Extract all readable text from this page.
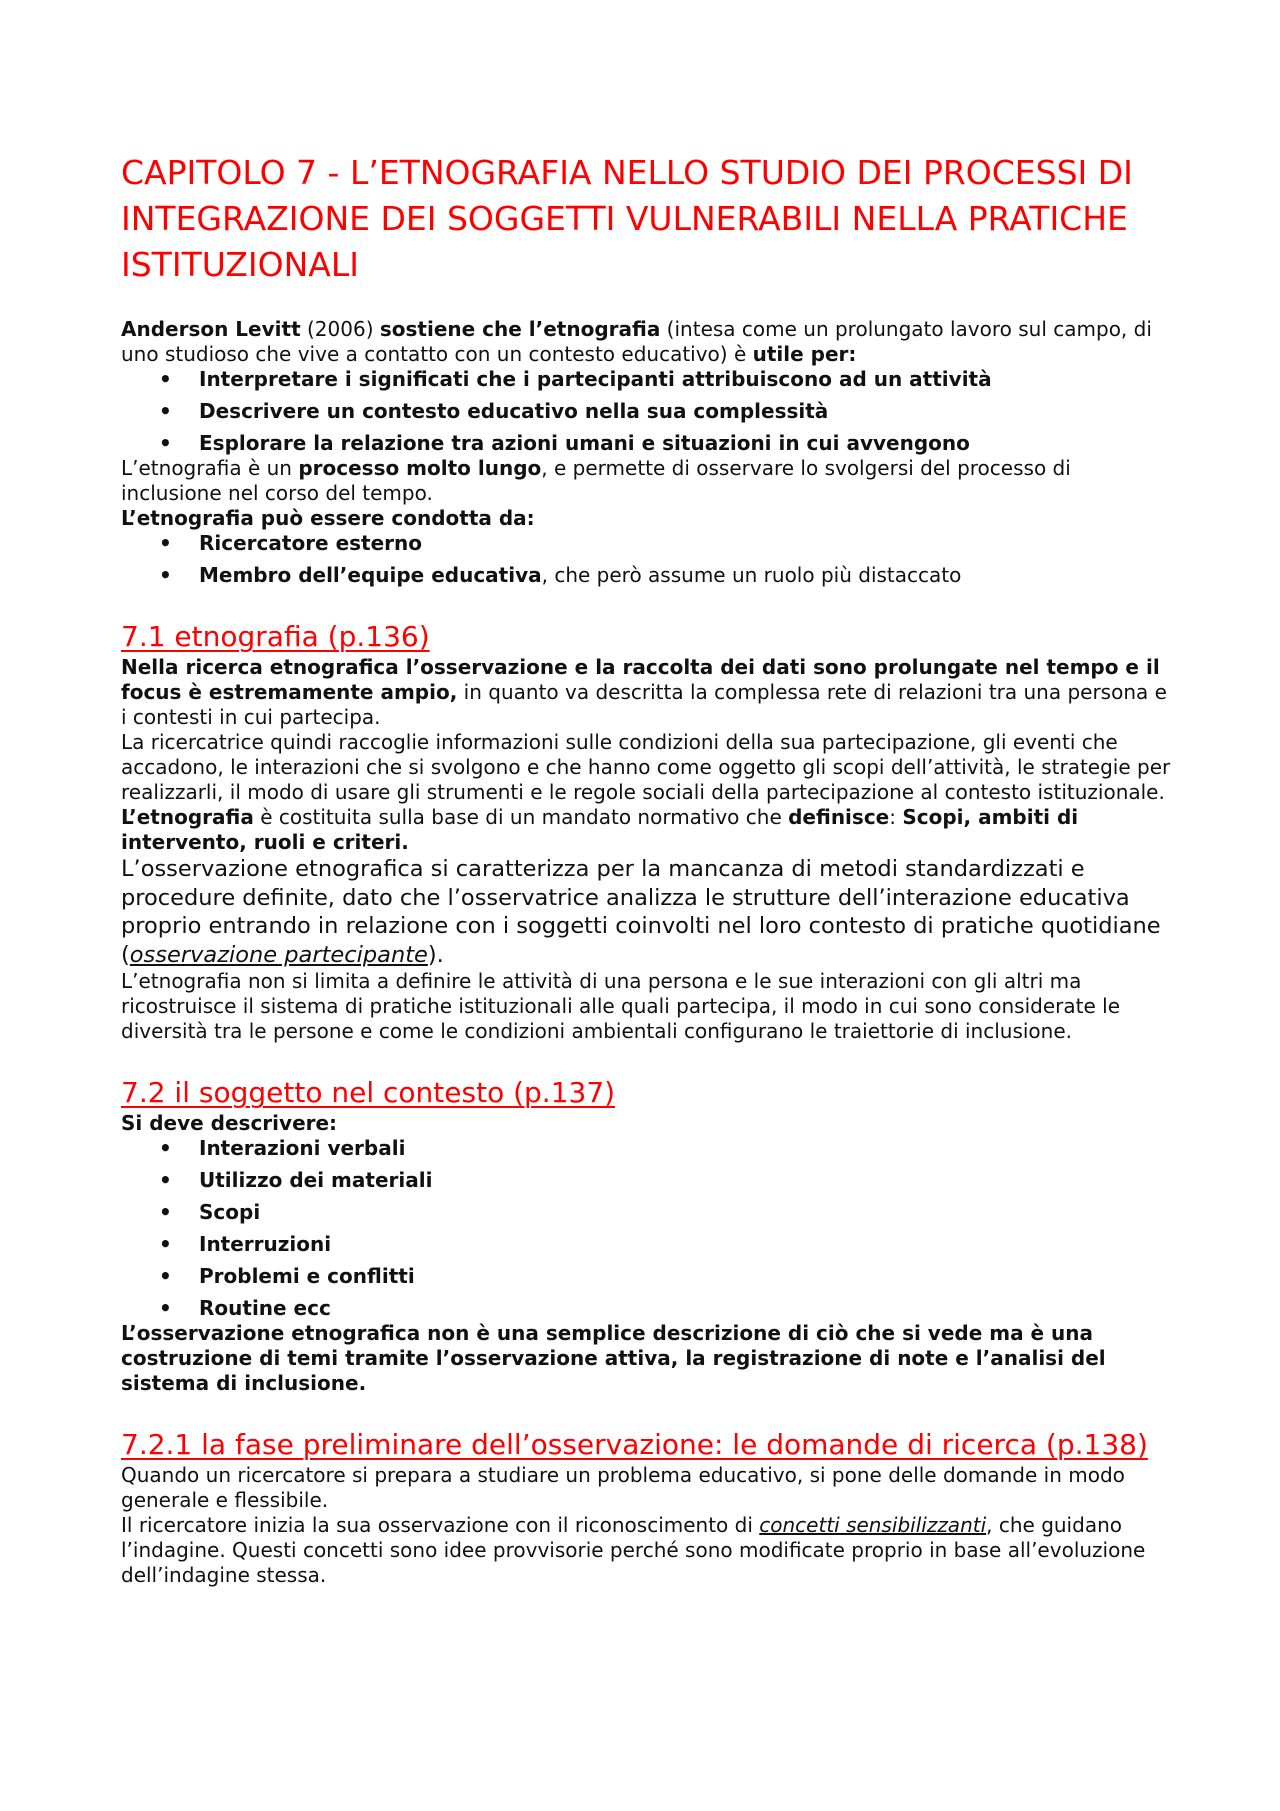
CAPITOLO 7 - L’ETNOGRAFIA NELLO STUDIO DEI PROCESSI DI INTEGRAZIONE DEI SOGGETTI VULNERABILI NELLA PRATICHE ISTITUZIONALI

Anderson Levitt (2006) sostiene che l’etnografia (intesa come un prolungato lavoro sul campo, di uno studioso che vive a contatto con un contesto educativo) è utile per:

• Interpretare i significati che i partecipanti attribuiscono ad un attività
• Descrivere un contesto educativo nella sua complessità
• Esplorare la relazione tra azioni umani e situazioni in cui avvengono

L’etnografia è un processo molto lungo, e permette di osservare lo svolgersi del processo di inclusione nel corso del tempo.

L’etnografia può essere condotta da:

• Ricercatore esterno
• Membro dell’equipe educativa, che però assume un ruolo più distaccato
7.1 etnografia (p.136)

Nella ricerca etnografica l’osservazione e la raccolta dei dati sono prolungate nel tempo e il focus è estremamente ampio, in quanto va descritta la complessa rete di relazioni tra una persona e i contesti in cui partecipa.

La ricercatrice quindi raccoglie informazioni sulle condizioni della sua partecipazione, gli eventi che accadono, le interazioni che si svolgono e che hanno come oggetto gli scopi dell’attività, le strategie per realizzarli, il modo di usare gli strumenti e le regole sociali della partecipazione al contesto istituzionale.

L’etnografia è costituita sulla base di un mandato normativo che definisce: Scopi, ambiti di intervento, ruoli e criteri.

L’osservazione etnografica si caratterizza per la mancanza di metodi standardizzati e procedure definite, dato che l’osservatrice analizza le strutture dell’interazione educativa proprio entrando in relazione con i soggetti coinvolti nel loro contesto di pratiche quotidiane (osservazione partecipante).

L’etnografia non si limita a definire le attività di una persona e le sue interazioni con gli altri ma ricostruisce il sistema di pratiche istituzionali alle quali partecipa, il modo in cui sono considerate le diversità tra le persone e come le condizioni ambientali configurano le traiettorie di inclusione.

7.2 il soggetto nel contesto (p.137)

Si deve descrivere:

• Interazioni verbali
• Utilizzo dei materiali
• Scopi
• Interruzioni
• Problemi e conflitti
• Routine ecc

L’osservazione etnografica non è una semplice descrizione di ciò che si vede ma è una costruzione di temi tramite l’osservazione attiva, la registrazione di note e l’analisi del sistema di inclusione.

7.2.1 la fase preliminare dell’osservazione: le domande di ricerca (p.138)

Quando un ricercatore si prepara a studiare un problema educativo, si pone delle domande in modo generale e flessibile.

Il ricercatore inizia la sua osservazione con il riconoscimento di concetti sensibilizzanti, che guidano l’indagine. Questi concetti sono idee provvisorie perché sono modificate proprio in base all’evoluzione dell’indagine stessa.
